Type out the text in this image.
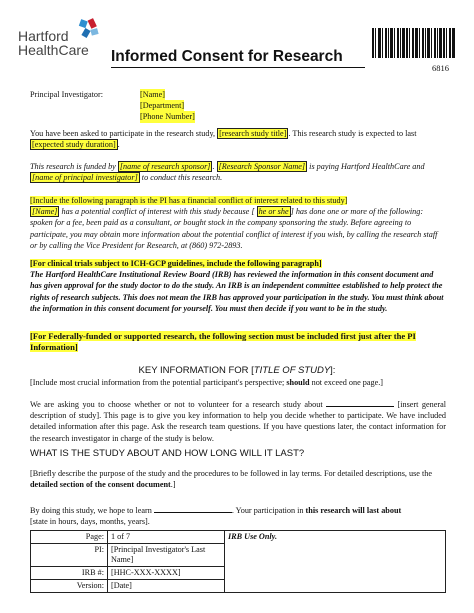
Hartford
HealthCare Informed Consent for Research
6816
Principal Investigator:	[Name]
[Department]
[Phone Number]
You have been asked to participate in the research study, [research study title] . This research study is expected to last [expected study duration] .
This research is funded by [name of research sponsor] . [Research Sponsor Name] is paying Hartford HealthCare and [name of principal investigator] to conduct this research.
[Include the following paragraph is the PI has a financial conflict of interest related to this study]
[Name] has a potential conflict of interest with this study because [ he or she ] has done one or more of the following: spoken for a fee, been paid as a consultant, or bought stock in the company sponsoring the study. Before agreeing to participate, you may obtain more information about the potential conflict of interest if you wish, by calling the research staff or by calling the Vice President for Research, at (860) 972-2893.
[For clinical trials subject to ICH-GCP guidelines, include the following paragraph]
The Hartford HealthCare Institutional Review Board (IRB) has reviewed the information in this consent document and has given approval for the study doctor to do the study. An IRB is an independent committee established to help protect the rights of research subjects. This does not mean the IRB has approved your participation in the study. You must think about the information in this consent document for yourself. You must then decide if you want to be in the study.
[For Federally-funded or supported research, the following section must be included first just after the PI Information]
KEY INFORMATION FOR [TITLE OF STUDY]:
[Include most crucial information from the potential participant's perspective; should not exceed one page.]
We are asking you to choose whether or not to volunteer for a research study about	[insert general description of study]. This page is to give you key information to help you decide whether to participate. We have included detailed information after this page. Ask the research team questions. If you have questions later, the contact information for the research investigator in charge of the study is below.
WHAT IS THE STUDY ABOUT AND HOW LONG WILL IT LAST?
[Briefly describe the purpose of the study and the procedures to be followed in lay terms. For detailed descriptions, use the detailed section of the consent document.]
By doing this study, we hope to learn	. Your participation in this research will last about
[state in hours, days, months, years].
Page:	1 of 7	IRB Use Only.
PI:	[Principal Investigator's Last Name]	
IRB #:	[HHC-XXX-XXXX]	
Version:	[Date]	
